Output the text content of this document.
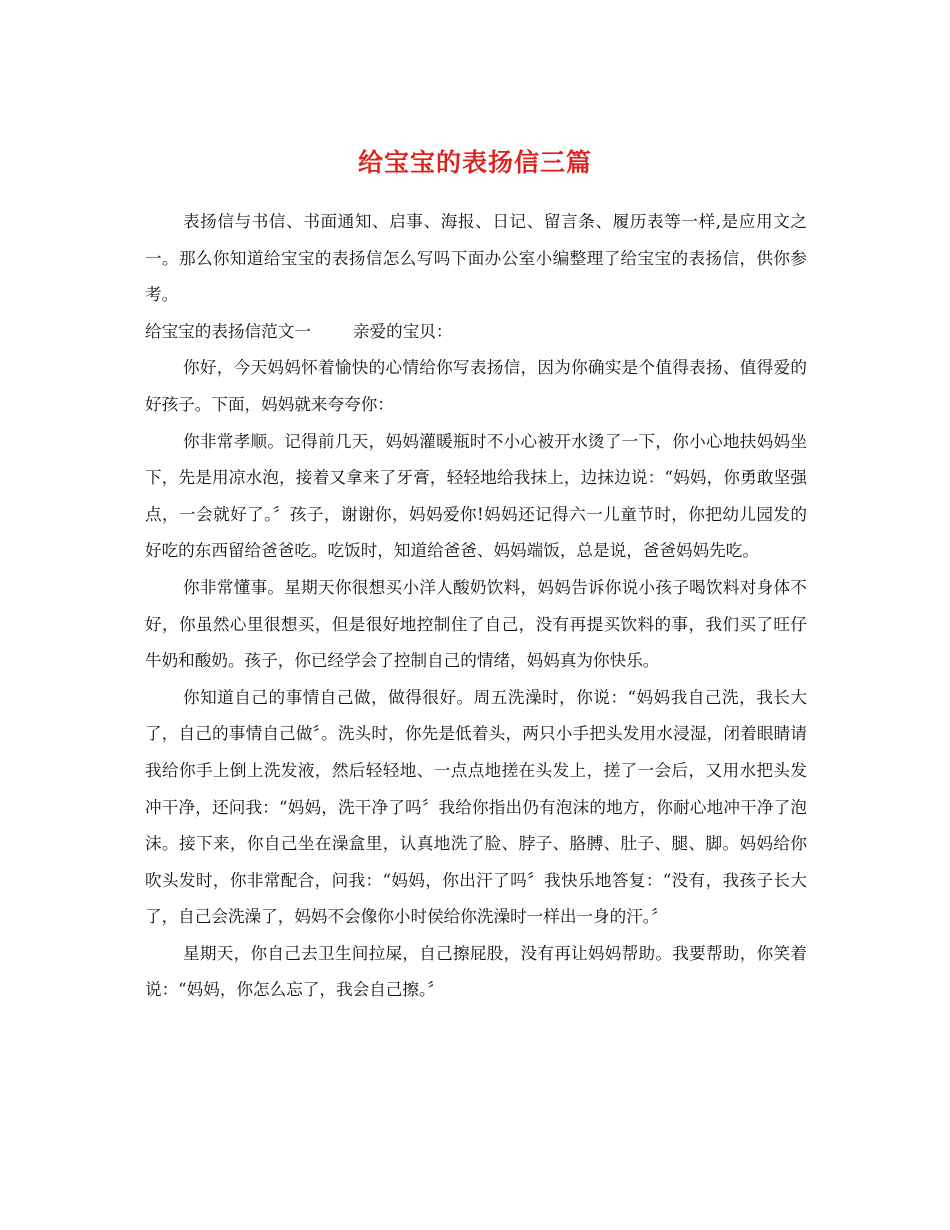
给宝宝的表扬信三篇

表扬信与书信、书面通知、启事、海报、日记、留言条、履历表等一样,是应用文之一。那么你知道给宝宝的表扬信怎么写吗下面办公室小编整理了给宝宝的表扬信，供你参考。

给宝宝的表扬信范文一	亲爱的宝贝：

你好，今天妈妈怀着愉快的心情给你写表扬信，因为你确实是个值得表扬、值得爱的好孩子。下面，妈妈就来夸夸你：

你非常孝顺。记得前几天，妈妈灌暖瓶时不小心被开水烫了一下，你小心地扶妈妈坐下，先是用凉水泡，接着又拿来了牙膏，轻轻地给我抹上，边抹边说：“妈妈，你勇敢坚强点，一会就好了。〞孩子，谢谢你，妈妈爱你!妈妈还记得六一儿童节时，你把幼儿园发的好吃的东西留给爸爸吃。吃饭时，知道给爸爸、妈妈端饭，总是说，爸爸妈妈先吃。

你非常懂事。星期天你很想买小洋人酸奶饮料，妈妈告诉你说小孩子喝饮料对身体不好，你虽然心里很想买，但是很好地控制住了自己，没有再提买饮料的事，我们买了旺仔牛奶和酸奶。孩子，你已经学会了控制自己的情绪，妈妈真为你快乐。

你知道自己的事情自己做，做得很好。周五洗澡时，你说：“妈妈我自己洗，我长大了，自己的事情自己做〞。洗头时，你先是低着头，两只小手把头发用水浸湿，闭着眼睛请我给你手上倒上洗发液，然后轻轻地、一点点地搓在头发上，搓了一会后，又用水把头发冲干净，还问我：“妈妈，洗干净了吗〞我给你指出仍有泡沫的地方，你耐心地冲干净了泡沫。接下来，你自己坐在澡盒里，认真地洗了脸、脖子、胳膊、肚子、腿、脚。妈妈给你吹头发时，你非常配合，问我：“妈妈，你出汗了吗〞我快乐地答复：“没有，我孩子长大了，自己会洗澡了，妈妈不会像你小时侯给你洗澡时一样出一身的汗。〞

星期天，你自己去卫生间拉屎，自己擦屁股，没有再让妈妈帮助。我要帮助，你笑着说：“妈妈，你怎么忘了，我会自己擦。〞
